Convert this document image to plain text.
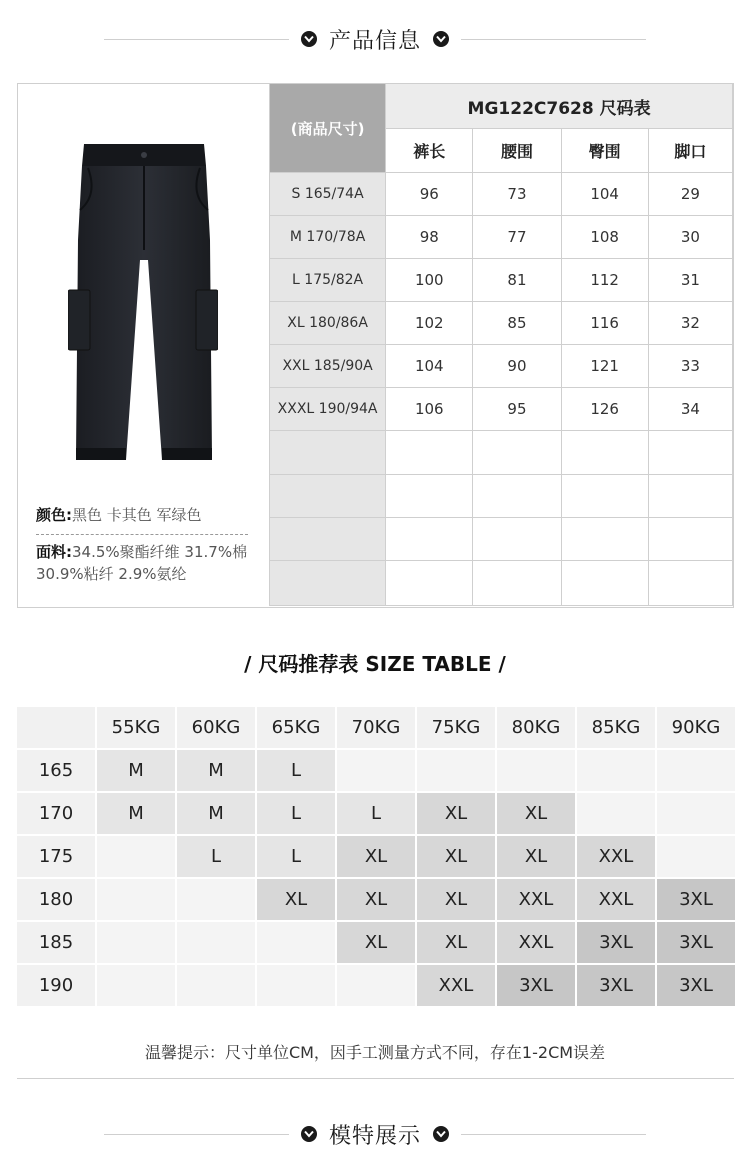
产品信息
颜色:黑色 卡其色 军绿色
面料:34.5%聚酯纤维 31.7%棉 30.9%粘纤 2.9%氨纶
(商品尺寸)	MG122C7628 尺码表			
	裤长	腰围	臀围	脚口
S 165/74A	96	73	104	29
M 170/78A	98	77	108	30
L 175/82A	100	81	112	31
XL 180/86A	102	85	116	32
XXL 185/90A	104	90	121	33
XXXL 190/94A	106	95	126	34

/ 尺码推荐表 SIZE TABLE /
	55KG	60KG	65KG	70KG	75KG	80KG	85KG	90KG
165	M	M	L					
170	M	M	L	L	XL	XL		
175		L	L	XL	XL	XL	XXL	
180			XL	XL	XL	XXL	XXL	3XL
185				XL	XL	XXL	3XL	3XL
190					XXL	3XL	3XL	3XL
温馨提示：尺寸单位CM，因手工测量方式不同，存在1-2CM误差
模特展示
